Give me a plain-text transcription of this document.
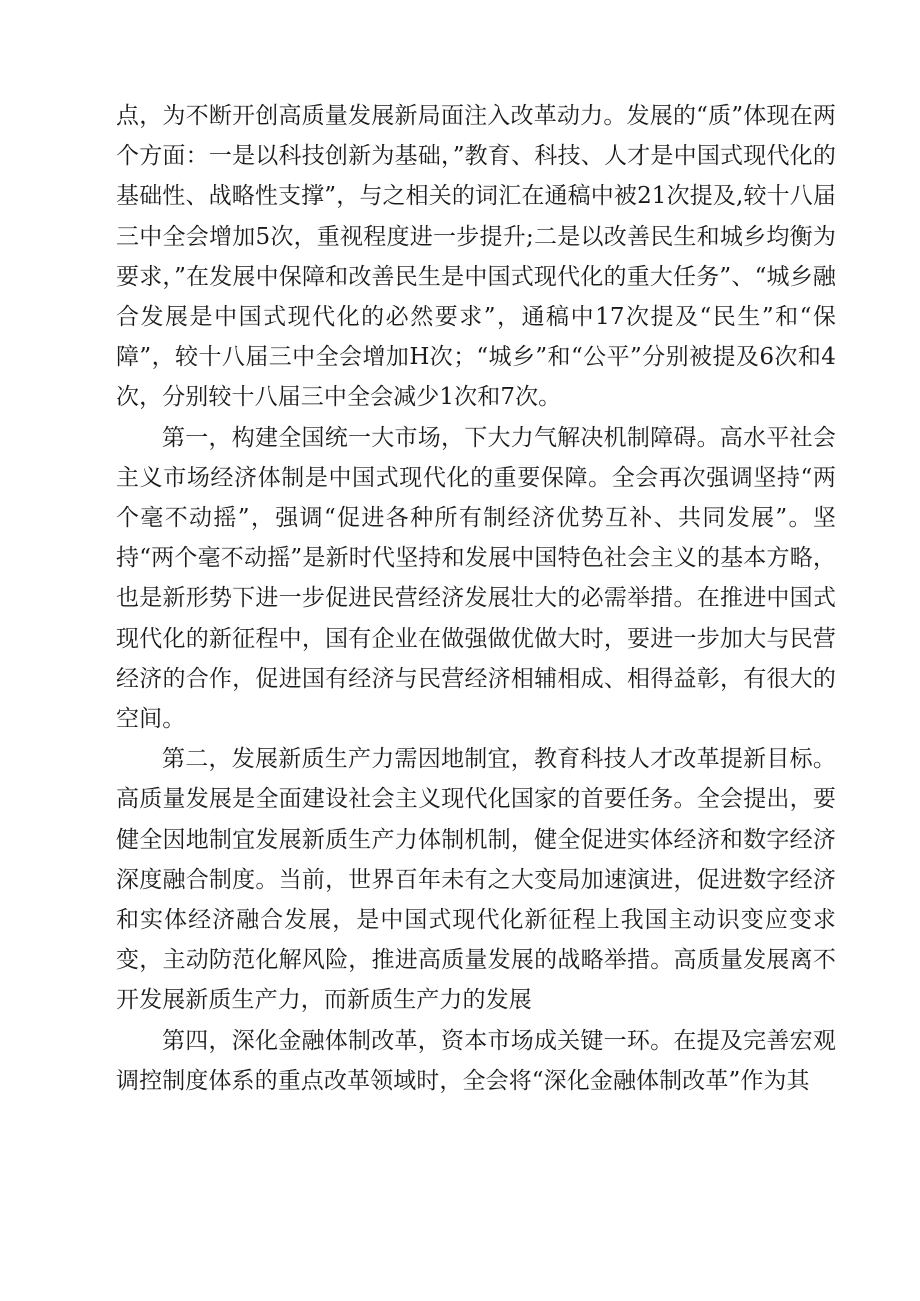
点，为不断开创高质量发展新局面注入改革动力。发展的“质”体现在两个方面：一是以科技创新为基础，”教育、科技、人才是中国式现代化的基础性、战略性支撑”，与之相关的词汇在通稿中被21次提及,较十八届三中全会增加5次，重视程度进一步提升;二是以改善民生和城乡均衡为要求，”在发展中保障和改善民生是中国式现代化的重大任务”、“城乡融合发展是中国式现代化的必然要求”，通稿中17次提及“民生”和“保障”，较十八届三中全会增加H次；“城乡”和“公平”分别被提及6次和4次，分别较十八届三中全会减少1次和7次。

第一，构建全国统一大市场，下大力气解决机制障碍。高水平社会主义市场经济体制是中国式现代化的重要保障。全会再次强调坚持“两个毫不动摇”，强调“促进各种所有制经济优势互补、共同发展”。坚持“两个毫不动摇”是新时代坚持和发展中国特色社会主义的基本方略，也是新形势下进一步促进民营经济发展壮大的必需举措。在推进中国式现代化的新征程中，国有企业在做强做优做大时，要进一步加大与民营经济的合作，促进国有经济与民营经济相辅相成、相得益彰，有很大的空间。

第二，发展新质生产力需因地制宜，教育科技人才改革提新目标。高质量发展是全面建设社会主义现代化国家的首要任务。全会提出，要健全因地制宜发展新质生产力体制机制，健全促进实体经济和数字经济深度融合制度。当前，世界百年未有之大变局加速演进，促进数字经济和实体经济融合发展，是中国式现代化新征程上我国主动识变应变求变，主动防范化解风险，推进高质量发展的战略举措。高质量发展离不开发展新质生产力，而新质生产力的发展

第四，深化金融体制改革，资本市场成关键一环。在提及完善宏观调控制度体系的重点改革领域时，全会将“深化金融体制改革”作为其
